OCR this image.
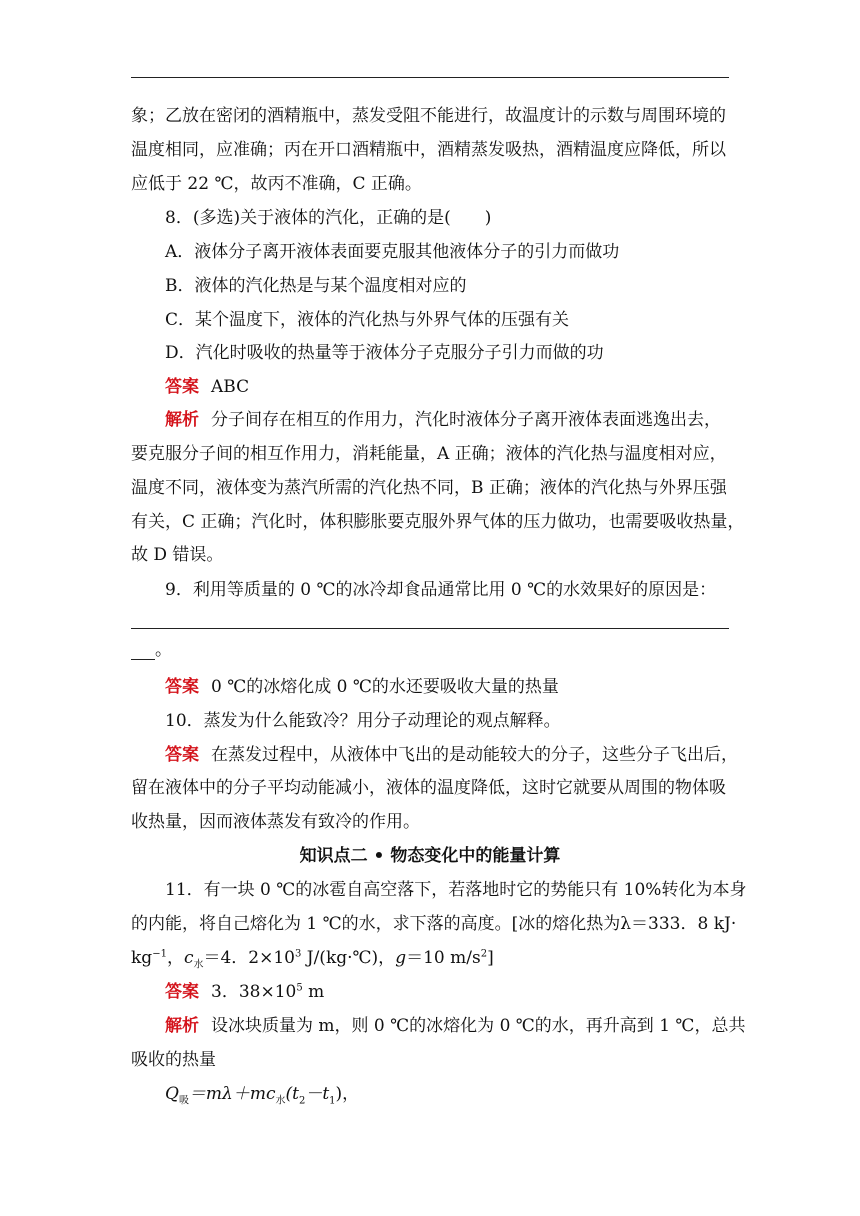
象；乙放在密闭的酒精瓶中，蒸发受阻不能进行，故温度计的示数与周围环境的
温度相同，应准确；丙在开口酒精瓶中，酒精蒸发吸热，酒精温度应降低，所以
应低于 22 ℃，故丙不准确，C 正确。
8．(多选)关于液体的汽化，正确的是(　　)
A．液体分子离开液体表面要克服其他液体分子的引力而做功
B．液体的汽化热是与某个温度相对应的
C．某个温度下，液体的汽化热与外界气体的压强有关
D．汽化时吸收的热量等于液体分子克服分子引力而做的功
答案 ABC
解析 分子间存在相互的作用力，汽化时液体分子离开液体表面逃逸出去，
要克服分子间的相互作用力，消耗能量，A 正确；液体的汽化热与温度相对应，
温度不同，液体变为蒸汽所需的汽化热不同，B 正确；液体的汽化热与外界压强
有关，C 正确；汽化时，体积膨胀要克服外界气体的压力做功，也需要吸收热量，
故 D 错误。
9．利用等质量的 0 ℃的冰冷却食品通常比用 0 ℃的水效果好的原因是：
。
答案 0 ℃的冰熔化成 0 ℃的水还要吸收大量的热量
10．蒸发为什么能致冷？用分子动理论的观点解释。
答案 在蒸发过程中，从液体中飞出的是动能较大的分子，这些分子飞出后，
留在液体中的分子平均动能减小，液体的温度降低，这时它就要从周围的物体吸
收热量，因而液体蒸发有致冷的作用。
知识点二 • 物态变化中的能量计算
11．有一块 0 ℃的冰雹自高空落下，若落地时它的势能只有 10%转化为本身
的内能，将自己熔化为 1 ℃的水，求下落的高度。[冰的熔化热为λ＝333．8 kJ·
$kg^{-1}$，$c_水=4$．$2\times 10^3$ J/(kg·℃)，g＝10 $m/s^2$]
答案 3．$38\times 10^5$ m
解析 设冰块质量为 m，则 0 ℃的冰熔化为 0 ℃的水，再升高到 1 ℃，总共
吸收的热量
$Q_吸=m\lambda+mc_水(t_2-t_1)$，
